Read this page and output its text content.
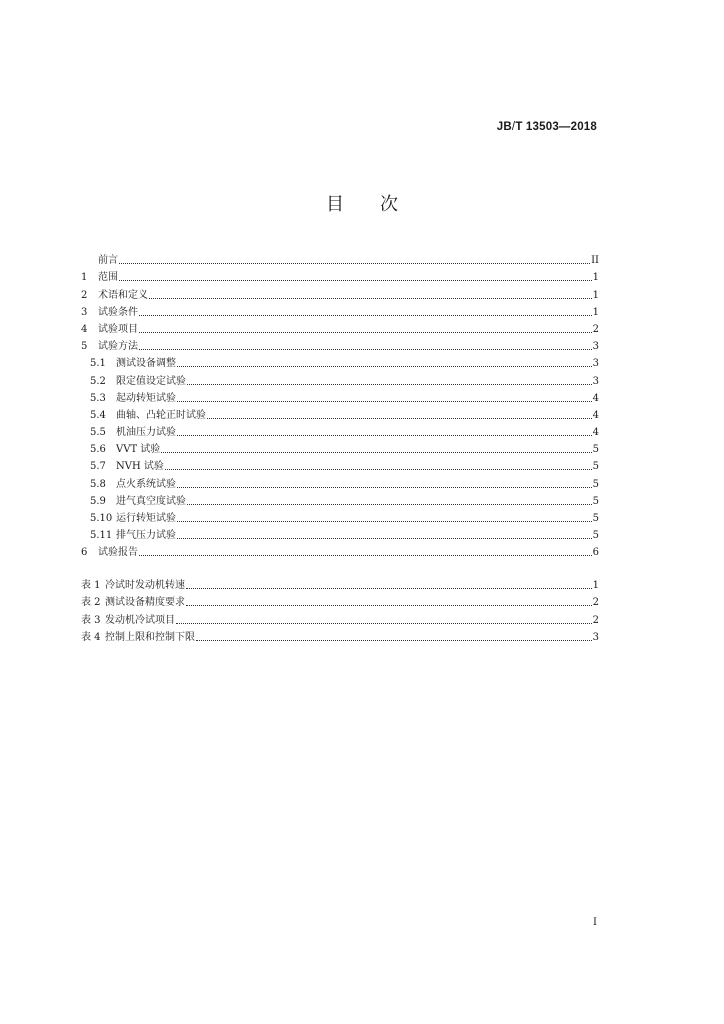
JB/T 13503—2018
目次
前言	II
1	范围	1
2	术语和定义	1
3	试验条件	1
4	试验项目	2
5	试验方法	3
5.1	测试设备调整	3
5.2	限定值设定试验	3
5.3	起动转矩试验	4
5.4	曲轴、凸轮正时试验	4
5.5	机油压力试验	4
5.6	VVT 试验	5
5.7	NVH 试验	5
5.8	点火系统试验	5
5.9	进气真空度试验	5
5.10 运行转矩试验	5
5.11 排气压力试验	5
6	试验报告	6
表 1 冷试时发动机转速	1
表 2 测试设备精度要求	2
表 3 发动机冷试项目	2
表 4 控制上限和控制下限	3
I
